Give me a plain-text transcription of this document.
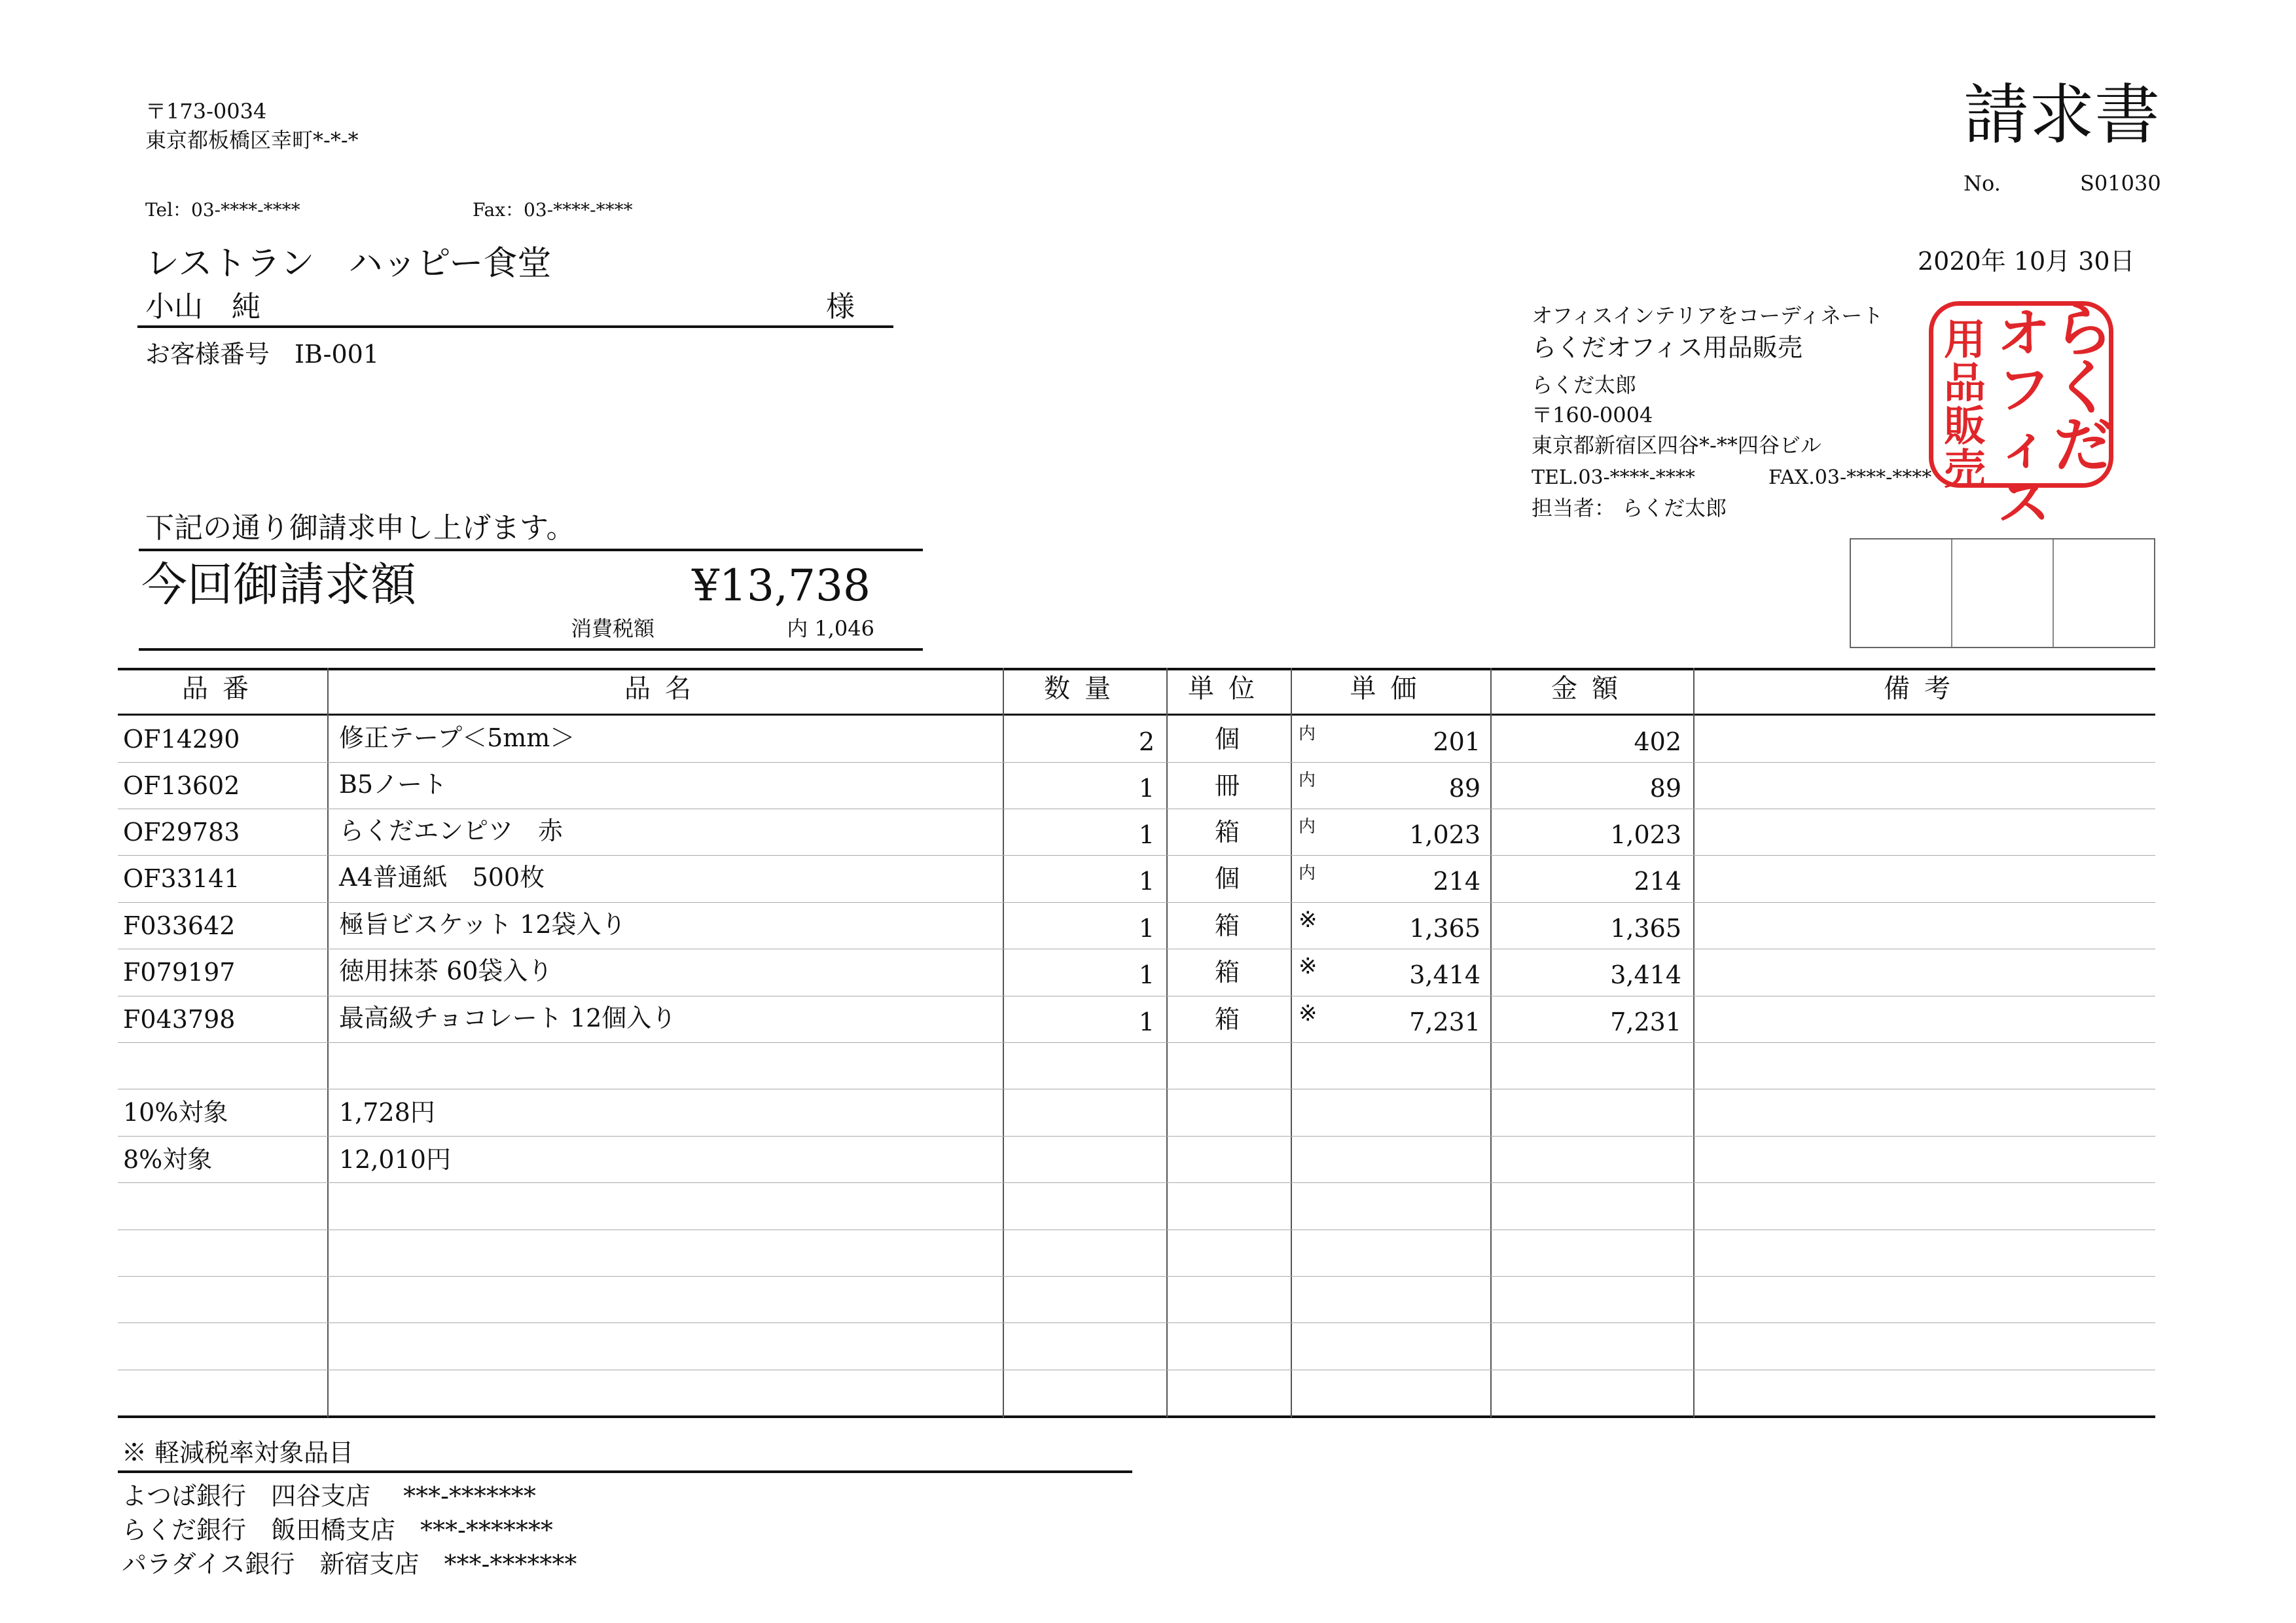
〒173-0034
東京都板橋区幸町*-*-*
Tel：03-****-****	Fax：03-****-****
レストラン　ハッピー食堂
小山　純	様
お客様番号　IB-001
請求書
No.	S01030
2020年 10月 30日
オフィスインテリアをコーディネート
らくだオフィス用品販売
らくだ太郎
〒160-0004
東京都新宿区四谷*-**四谷ビル
TEL.03-****-****	FAX.03-****-****
担当者： らくだ太郎
用
品
販
売
オ
フ
ィ
ス
ら
く
だ
下記の通り御請求申し上げます。
今回御請求額	¥13,738
消費税額	内 1,046
品番	品名	数量	単位	単価	金額	備考
OF14290	修正テープ＜5mm＞	2	個	内	201	402
OF13602	B5ノート	1	冊	内	89	89
OF29783	らくだエンピツ　赤	1	箱	内	1,023	1,023
OF33141	A4普通紙　500枚	1	個	内	214	214
F033642	極旨ビスケット 12袋入り	1	箱	※	1,365	1,365
F079197	徳用抹茶 60袋入り	1	箱	※	3,414	3,414
F043798	最高級チョコレート 12個入り	1	箱	※	7,231	7,231
10%対象	1,728円
8%対象	12,010円
※ 軽減税率対象品目
よつば銀行　四谷支店　 ***-*******
らくだ銀行　飯田橋支店　***-*******
パラダイス銀行　新宿支店　***-*******
